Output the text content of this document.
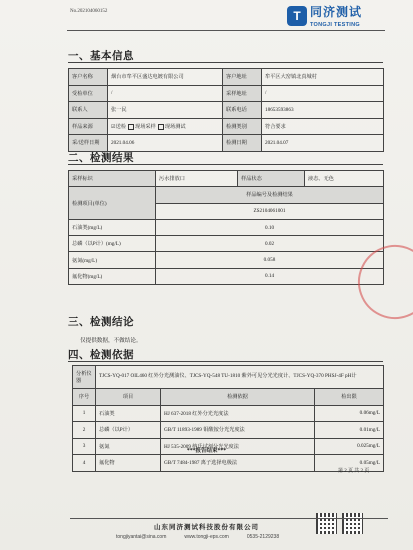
No.202104060152	T 同济测试
TONGJI TESTING
一、基本信息
客户名称	烟台市牟平区盛达电镀有限公司	客户地址	牟平区大窑镇北真城村
受检单位	/	采样地址	/
联系人	张一民	联系电话	18653593863
样品来源	☑送检 现场采样 现场测试	检测类别	符合要求
采/送样日期	2021.04.06	检测日期	2021.04.07
二、检测结果
采样标识	污水排放口	样品状态	液态、无色
检测项目(单位)	样品编号及检测结果		
	ZS2104061001		
石油类(mg/L)	0.10		
总磷（以P计）(mg/L)	0.02		
氨氮(mg/L)	0.058		
氟化物(mg/L)	0.14		
三、检测结论
仅提供数据，不做结论。
四、检测依据
分析仪器	TJCS-YQ-017 OIL460 红外分光测油仪、TJCS-YQ-548 TU-1810 紫外可见分光光度计、TJCS-YQ-370 PHSJ-4F pH计		
序号	项目	检测依据	检出限
1	石油类	HJ 637-2018 红外分光光度法	0.06mg/L
2	总磷（以P计）	GB/T 11893-1989 钼酸铵分光光度法	0.01mg/L
3	氨氮	HJ 535-2009 纳氏试剂分光光度法	0.025mg/L
4	氟化物	GB/T 7484-1987 离子选择电极法	0.05mg/L
***报告结束***
第 2 页 共 2 页
山东同济测试科技股份有限公司
tongjiyantai@sina.com	www.tongji-eps.com	0535-2129238
